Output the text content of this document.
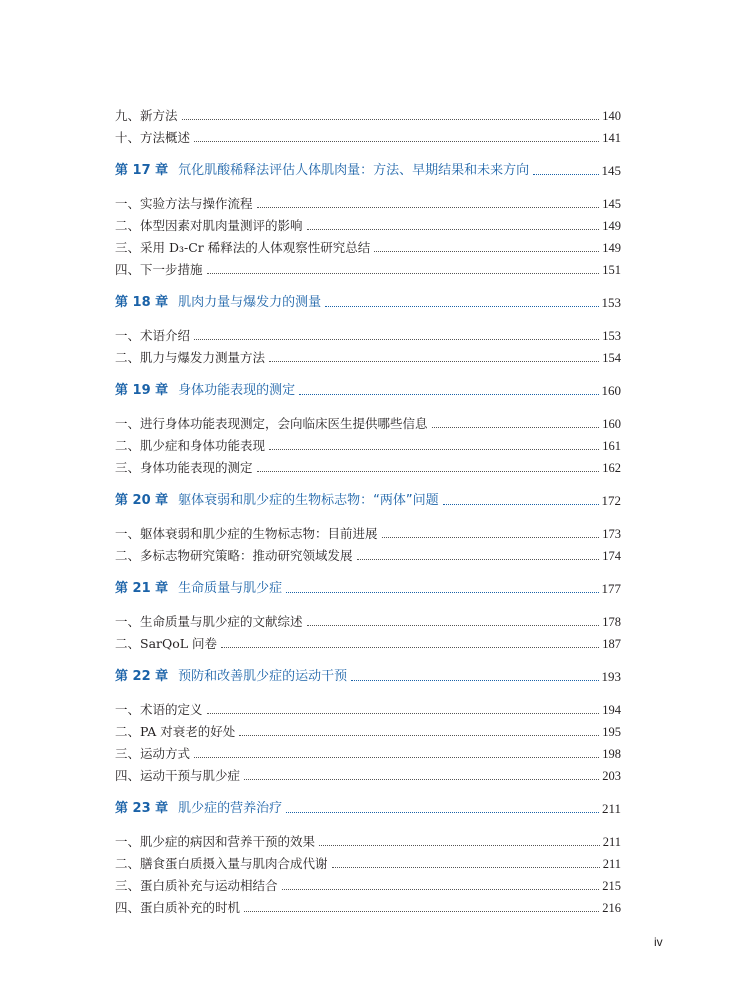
九、新方法	140
十、方法概述	141
第 17 章 氘化肌酸稀释法评估人体肌肉量：方法、早期结果和未来方向	145
一、实验方法与操作流程	145
二、体型因素对肌肉量测评的影响	149
三、采用 D₃-Cr 稀释法的人体观察性研究总结	149
四、下一步措施	151
第 18 章 肌肉力量与爆发力的测量	153
一、术语介绍	153
二、肌力与爆发力测量方法	154
第 19 章 身体功能表现的测定	160
一、进行身体功能表现测定，会向临床医生提供哪些信息	160
二、肌少症和身体功能表现	161
三、身体功能表现的测定	162
第 20 章 躯体衰弱和肌少症的生物标志物：“两体”问题	172
一、躯体衰弱和肌少症的生物标志物：目前进展	173
二、多标志物研究策略：推动研究领域发展	174
第 21 章 生命质量与肌少症	177
一、生命质量与肌少症的文献综述	178
二、SarQoL 问卷	187
第 22 章 预防和改善肌少症的运动干预	193
一、术语的定义	194
二、PA 对衰老的好处	195
三、运动方式	198
四、运动干预与肌少症	203
第 23 章 肌少症的营养治疗	211
一、肌少症的病因和营养干预的效果	211
二、膳食蛋白质摄入量与肌肉合成代谢	211
三、蛋白质补充与运动相结合	215
四、蛋白质补充的时机	216
iv
